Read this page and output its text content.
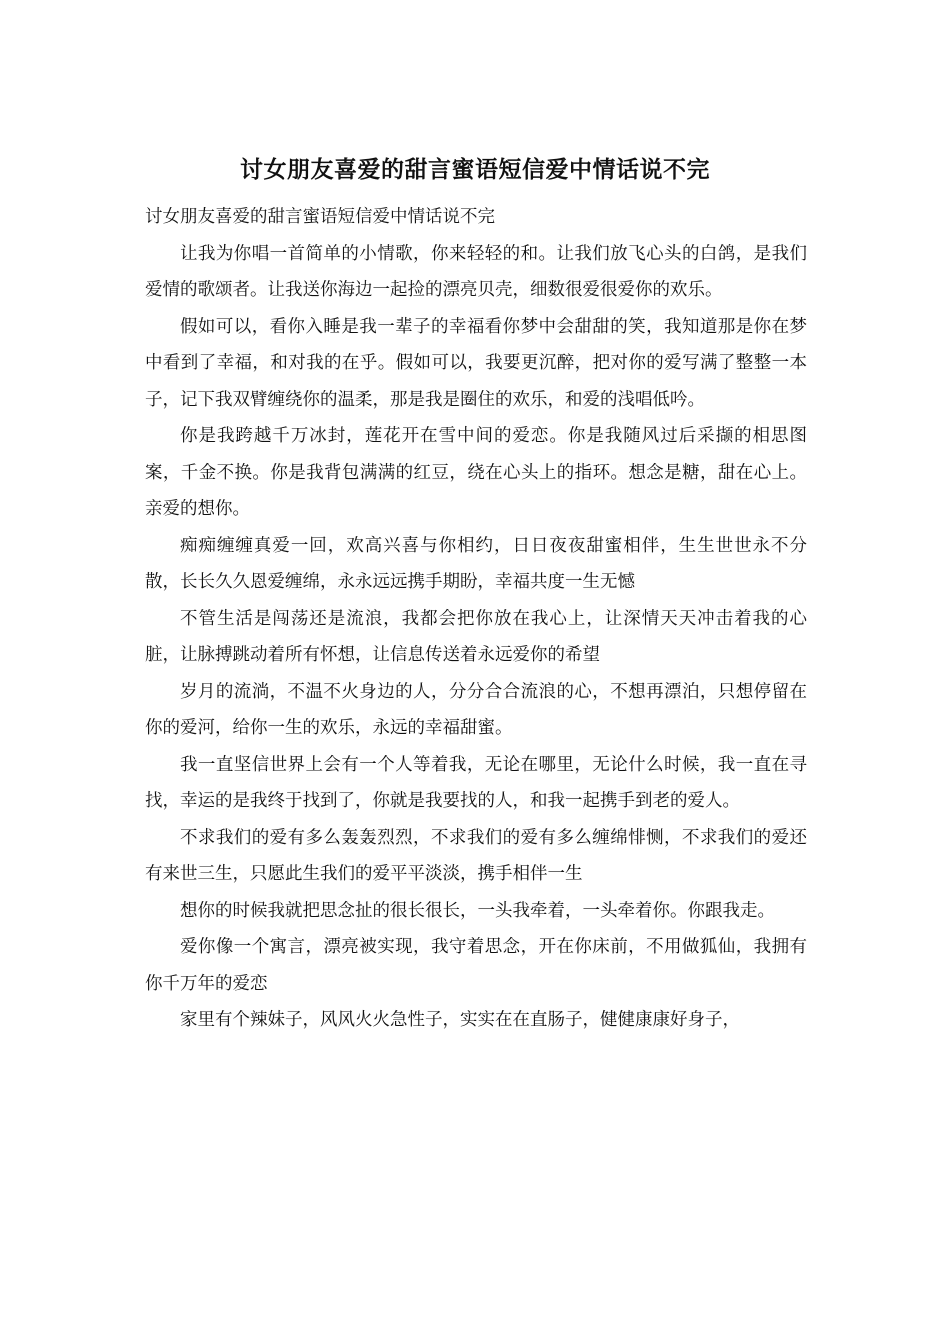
讨女朋友喜爱的甜言蜜语短信爱中情话说不完

讨女朋友喜爱的甜言蜜语短信爱中情话说不完

让我为你唱一首简单的小情歌，你来轻轻的和。让我们放飞心头的白鸽，是我们爱情的歌颂者。让我送你海边一起捡的漂亮贝壳，细数很爱很爱你的欢乐。

假如可以，看你入睡是我一辈子的幸福看你梦中会甜甜的笑，我知道那是你在梦中看到了幸福，和对我的在乎。假如可以，我要更沉醉，把对你的爱写满了整整一本子，记下我双臂缠绕你的温柔，那是我是圈住的欢乐，和爱的浅唱低吟。

你是我跨越千万冰封，莲花开在雪中间的爱恋。你是我随风过后采撷的相思图案，千金不换。你是我背包满满的红豆，绕在心头上的指环。想念是糖，甜在心上。亲爱的想你。

痴痴缠缠真爱一回，欢高兴喜与你相约，日日夜夜甜蜜相伴，生生世世永不分散，长长久久恩爱缠绵，永永远远携手期盼，幸福共度一生无憾

不管生活是闯荡还是流浪，我都会把你放在我心上，让深情天天冲击着我的心脏，让脉搏跳动着所有怀想，让信息传送着永远爱你的希望

岁月的流淌，不温不火身边的人，分分合合流浪的心，不想再漂泊，只想停留在你的爱河，给你一生的欢乐，永远的幸福甜蜜。

我一直坚信世界上会有一个人等着我，无论在哪里，无论什么时候，我一直在寻找，幸运的是我终于找到了，你就是我要找的人，和我一起携手到老的爱人。

不求我们的爱有多么轰轰烈烈，不求我们的爱有多么缠绵悱恻，不求我们的爱还有来世三生，只愿此生我们的爱平平淡淡，携手相伴一生

想你的时候我就把思念扯的很长很长，一头我牵着，一头牵着你。你跟我走。

爱你像一个寓言，漂亮被实现，我守着思念，开在你床前，不用做狐仙，我拥有你千万年的爱恋

家里有个辣妹子，风风火火急性子，实实在在直肠子，健健康康好身子，
